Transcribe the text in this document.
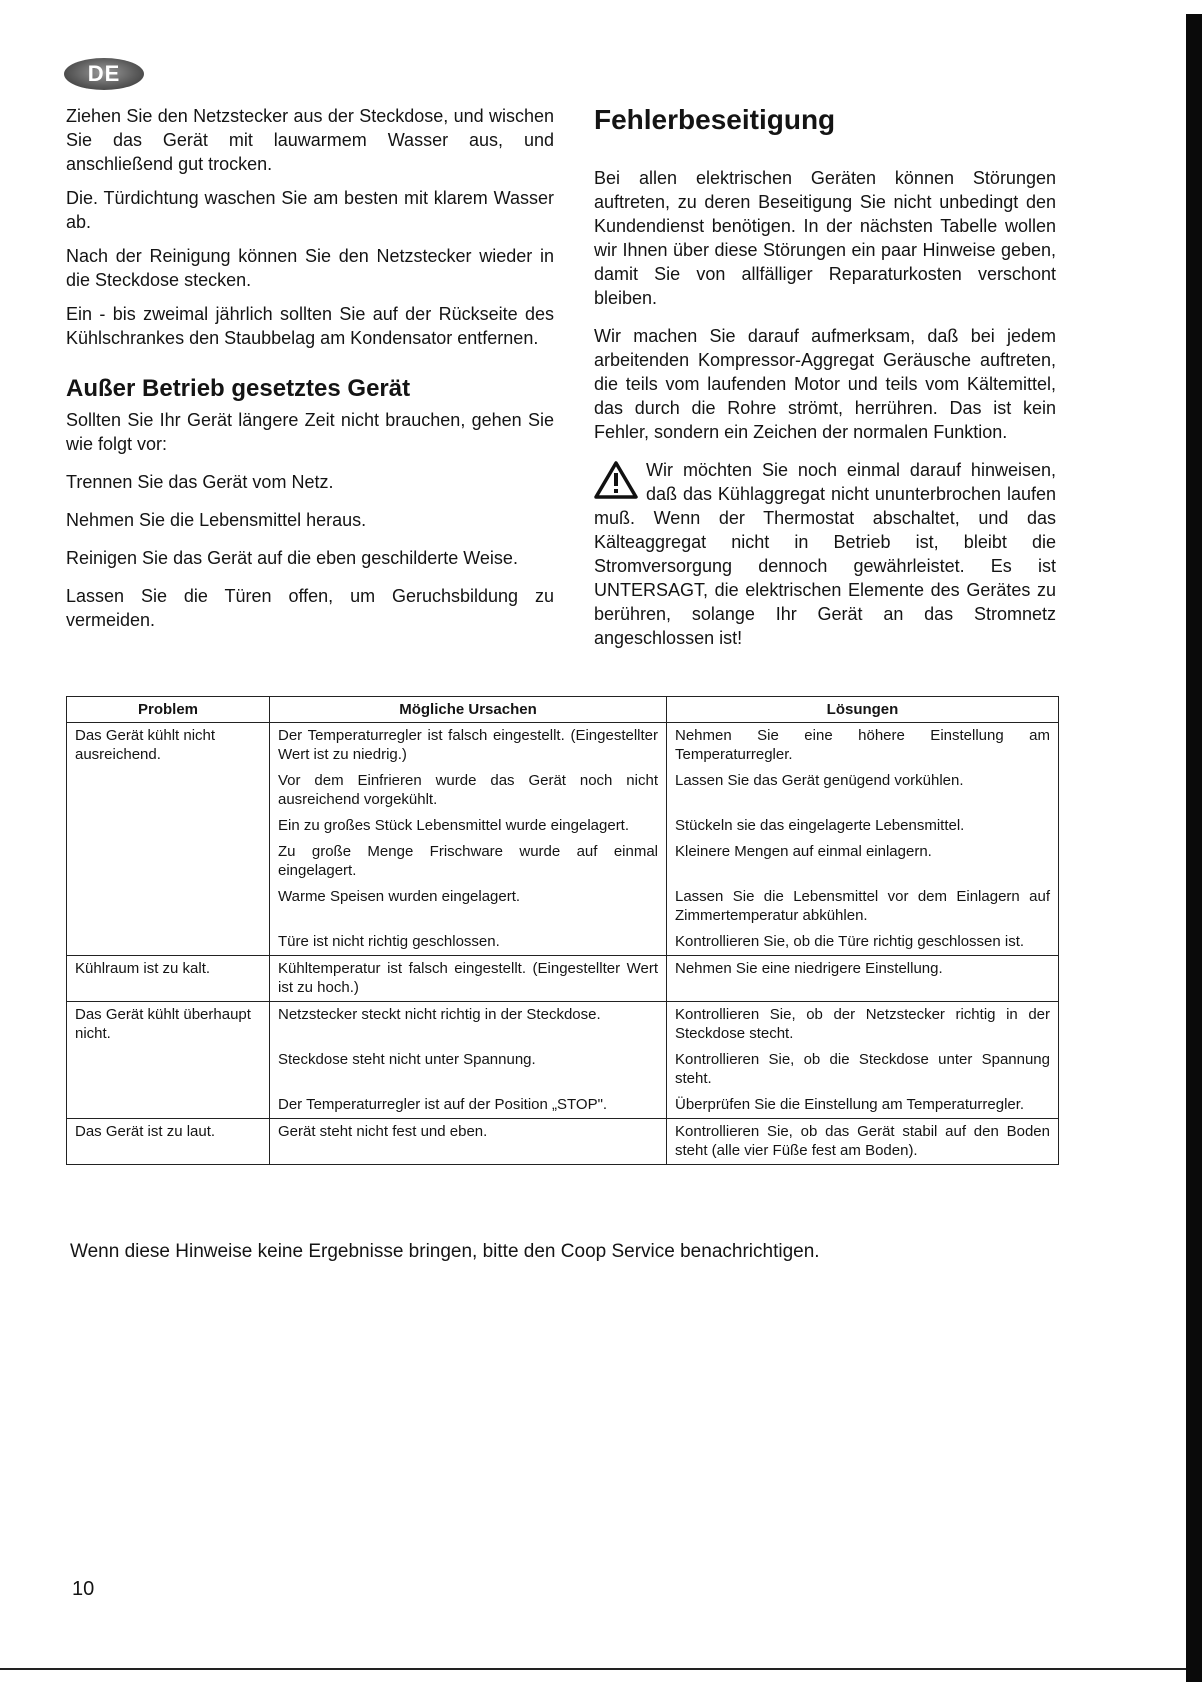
DE

Ziehen Sie den Netzstecker aus der Steckdose, und wischen Sie das Gerät mit lauwarmem Wasser aus, und anschließend gut trocken.

Die. Türdichtung waschen Sie am besten mit klarem Wasser ab.

Nach der Reinigung können Sie den Netzstecker wieder in die Steckdose stecken.

Ein - bis zweimal jährlich sollten Sie auf der Rückseite des Kühlschrankes den Staubbelag am Kondensator entfernen.

Außer Betrieb gesetztes Gerät

Sollten Sie Ihr Gerät längere Zeit nicht brauchen, gehen Sie wie folgt vor:

Trennen Sie das Gerät vom Netz.

Nehmen Sie die Lebensmittel heraus.

Reinigen Sie das Gerät auf die eben geschilderte Weise.

Lassen Sie die Türen offen, um Geruchsbildung zu vermeiden.

Fehlerbeseitigung

Bei allen elektrischen Geräten können Störungen auftreten, zu deren Beseitigung Sie nicht unbedingt den Kundendienst benötigen. In der nächsten Tabelle wollen wir Ihnen über diese Störungen ein paar Hinweise geben, damit Sie von allfälliger Reparaturkosten verschont bleiben.

Wir machen Sie darauf aufmerksam, daß bei jedem arbeitenden Kompressor-Aggregat Geräusche auftreten, die teils vom laufenden Motor und teils vom Kältemittel, das durch die Rohre strömt, herrühren. Das ist kein Fehler, sondern ein Zeichen der normalen Funktion.

Wir möchten Sie noch einmal darauf hinweisen, daß das Kühlaggregat nicht ununterbrochen laufen muß. Wenn der Thermostat abschaltet, und das Kälteaggregat nicht in Betrieb ist, bleibt die Stromversorgung dennoch gewährleistet. Es ist UNTERSAGT, die elektrischen Elemente des Gerätes zu berühren, solange Ihr Gerät an das Stromnetz angeschlossen ist!

Problem	Mögliche Ursachen	Lösungen
Das Gerät kühlt nicht ausreichend.	Der Temperaturregler ist falsch eingestellt. (Eingestellter Wert ist zu niedrig.)	Nehmen Sie eine höhere Einstellung am Temperaturregler.
	Vor dem Einfrieren wurde das Gerät noch nicht ausreichend vorgekühlt.	Lassen Sie das Gerät genügend vorkühlen.
	Ein zu großes Stück Lebensmittel wurde eingelagert.	Stückeln sie das eingelagerte Lebensmittel.
	Zu große Menge Frischware wurde auf einmal eingelagert.	Kleinere Mengen auf einmal einlagern.
	Warme Speisen wurden eingelagert.	Lassen Sie die Lebensmittel vor dem Einlagern auf Zimmertemperatur abkühlen.
	Türe ist nicht richtig geschlossen.	Kontrollieren Sie, ob die Türe richtig geschlossen ist.
Kühlraum ist zu kalt.	Kühltemperatur ist falsch eingestellt. (Eingestellter Wert ist zu hoch.)	Nehmen Sie eine niedrigere Einstellung.
Das Gerät kühlt überhaupt nicht.	Netzstecker steckt nicht richtig in der Steckdose.	Kontrollieren Sie, ob der Netzstecker richtig in der Steckdose stecht.
	Steckdose steht nicht unter Spannung.	Kontrollieren Sie, ob die Steckdose unter Spannung steht.
	Der Temperaturregler ist auf der Position „STOP".	Überprüfen Sie die Einstellung am Temperaturregler.
Das Gerät ist zu laut.	Gerät steht nicht fest und eben.	Kontrollieren Sie, ob das Gerät stabil auf den Boden steht (alle vier Füße fest am Boden).
Wenn diese Hinweise keine Ergebnisse bringen, bitte den Coop Service benachrichtigen.
10
